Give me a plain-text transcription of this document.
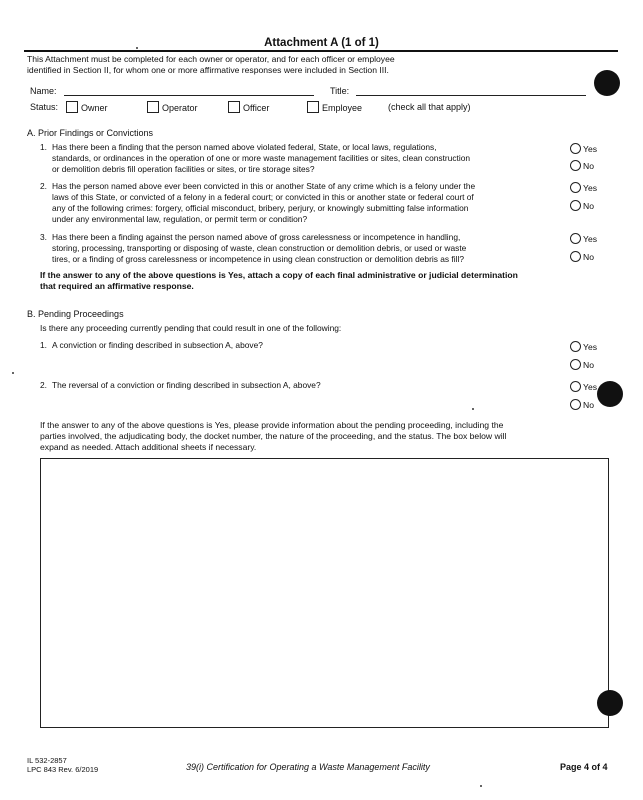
Attachment A (1 of 1)
This Attachment must be completed for each owner or operator, and for each officer or employee
identified in Section II, for whom one or more affirmative responses were included in Section III.
Name:	Title:
Status:	Owner	Operator	Officer	Employee	(check all that apply)
A. Prior Findings or Convictions
1. Has there been a finding that the person named above violated federal, State, or local laws, regulations,
standards, or ordinances in the operation of one or more waste management facilities or sites, clean construction
or demolition debris fill operation facilities or sites, or tire storage sites?
Yes
No
2. Has the person named above ever been convicted in this or another State of any crime which is a felony under the
laws of this State, or convicted of a felony in a federal court; or convicted in this or another state or federal court of
any of the following crimes: forgery, official misconduct, bribery, perjury, or knowingly submitting false information
under any environmental law, regulation, or permit term or condition?
Yes
No
3. Has there been a finding against the person named above of gross carelessness or incompetence in handling,
storing, processing, transporting or disposing of waste, clean construction or demolition debris, or used or waste
tires, or a finding of gross carelessness or incompetence in using clean construction or demolition debris as fill?
Yes
No
If the answer to any of the above questions is Yes, attach a copy of each final administrative or judicial determination
that required an affirmative response.
B. Pending Proceedings
Is there any proceeding currently pending that could result in one of the following:
1. A conviction or finding described in subsection A, above?	Yes
No
2. The reversal of a conviction or finding described in subsection A, above?	Yes
No
If the answer to any of the above questions is Yes, please provide information about the pending proceeding, including the
parties involved, the adjudicating body, the docket number, the nature of the proceeding, and the status. The box below will
expand as needed. Attach additional sheets if necessary.
IL 532-2857
LPC 843 Rev. 6/2019	39(i) Certification for Operating a Waste Management Facility	Page 4 of 4
